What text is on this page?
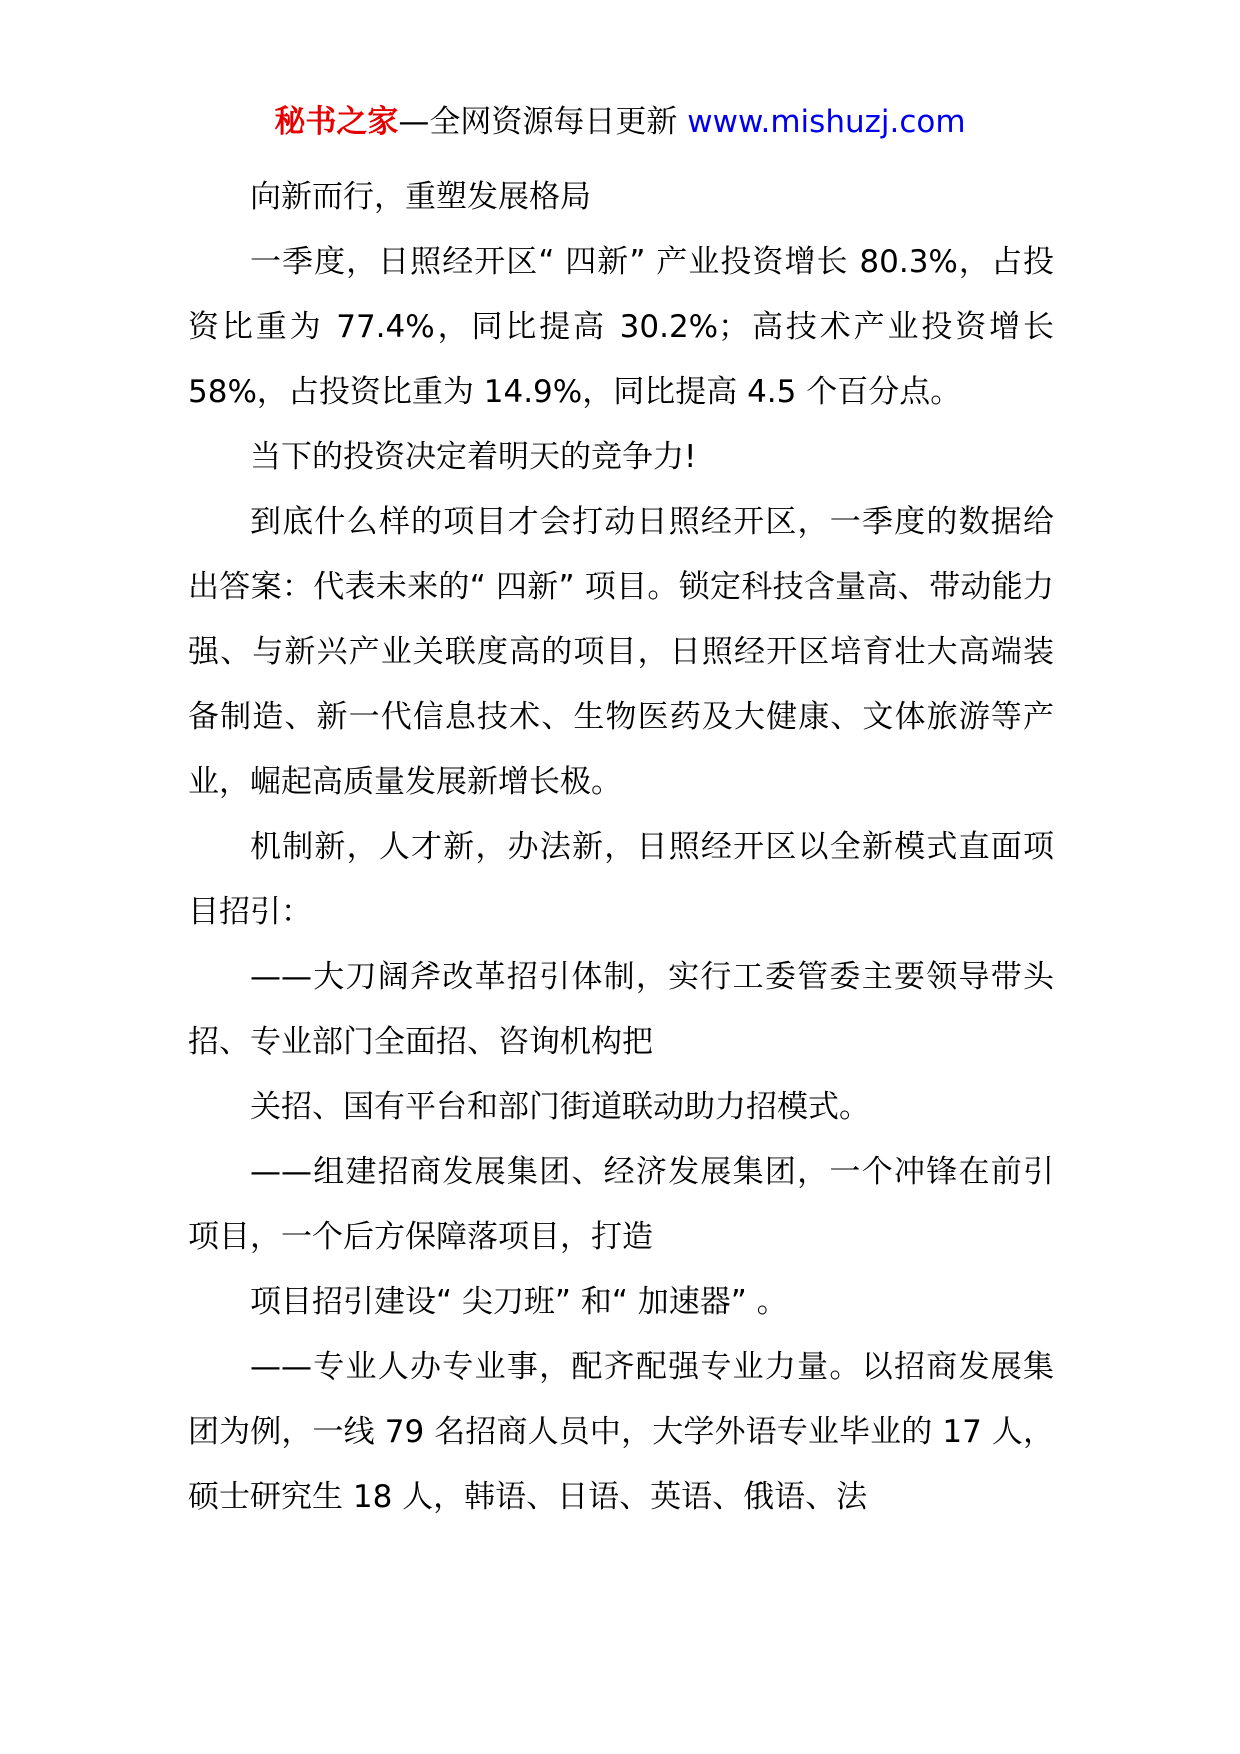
秘书之家—全网资源每日更新 www.mishuzj.com

向新而行，重塑发展格局

一季度，日照经开区“ 四新” 产业投资增长 80.3%，占投资比重为 77.4%，同比提高 30.2%；高技术产业投资增长 58%，占投资比重为 14.9%，同比提高 4.5 个百分点。

当下的投资决定着明天的竞争力!

到底什么样的项目才会打动日照经开区，一季度的数据给出答案：代表未来的“ 四新” 项目。锁定科技含量高、带动能力强、与新兴产业关联度高的项目，日照经开区培育壮大高端装备制造、新一代信息技术、生物医药及大健康、文体旅游等产业，崛起高质量发展新增长极。

机制新，人才新，办法新，日照经开区以全新模式直面项目招引：

——大刀阔斧改革招引体制，实行工委管委主要领导带头招、专业部门全面招、咨询机构把

关招、国有平台和部门街道联动助力招模式。

——组建招商发展集团、经济发展集团，一个冲锋在前引项目，一个后方保障落项目，打造

项目招引建设“ 尖刀班” 和“ 加速器” 。

——专业人办专业事，配齐配强专业力量。以招商发展集团为例，一线 79 名招商人员中，大学外语专业毕业的 17 人，硕士研究生 18 人，韩语、日语、英语、俄语、法
